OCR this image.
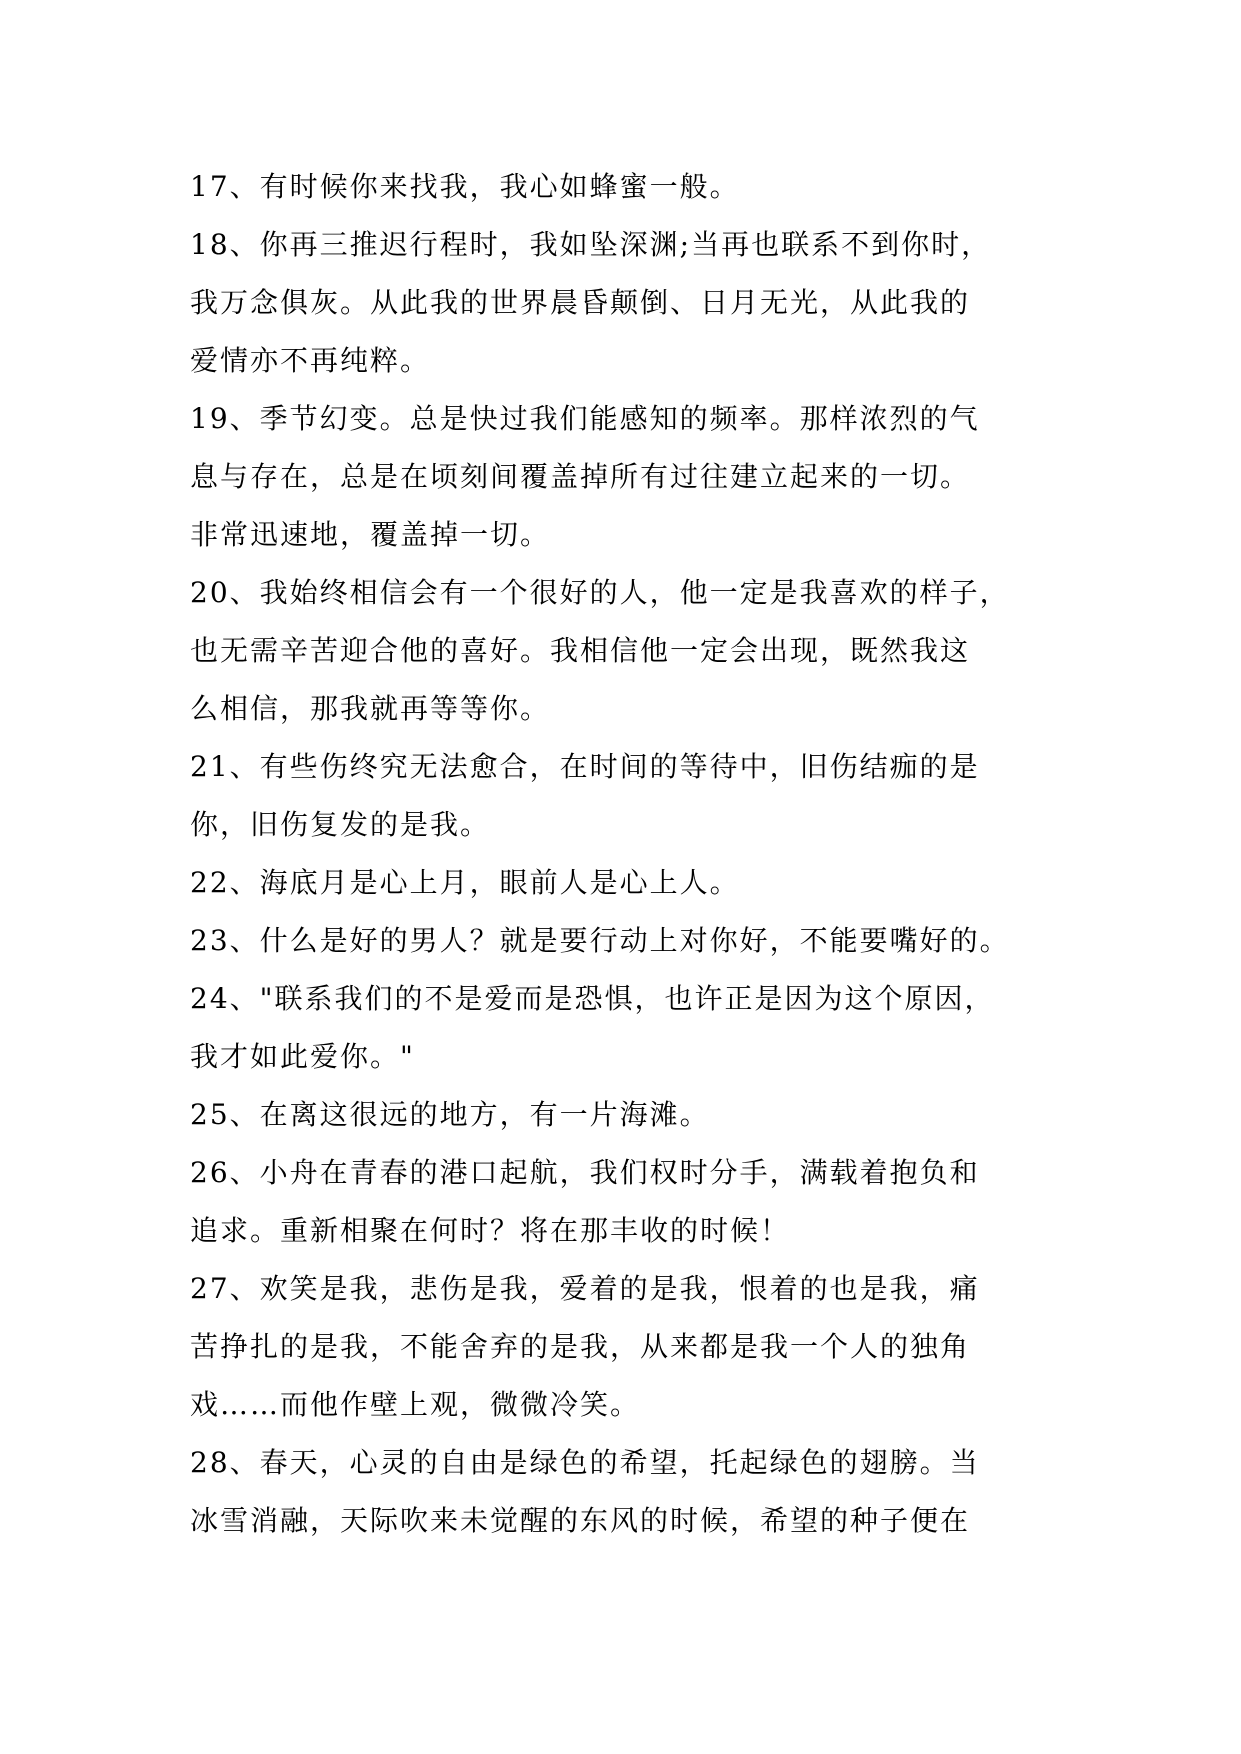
17、有时候你来找我，我心如蜂蜜一般。
18、你再三推迟行程时，我如坠深渊;当再也联系不到你时，
我万念俱灰。从此我的世界晨昏颠倒、日月无光，从此我的
爱情亦不再纯粹。
19、季节幻变。总是快过我们能感知的频率。那样浓烈的气
息与存在，总是在顷刻间覆盖掉所有过往建立起来的一切。
非常迅速地，覆盖掉一切。
20、我始终相信会有一个很好的人，他一定是我喜欢的样子，
也无需辛苦迎合他的喜好。我相信他一定会出现，既然我这
么相信，那我就再等等你。
21、有些伤终究无法愈合，在时间的等待中，旧伤结痂的是
你，旧伤复发的是我。
22、海底月是心上月，眼前人是心上人。
23、什么是好的男人？就是要行动上对你好，不能要嘴好的。
24、"联系我们的不是爱而是恐惧，也许正是因为这个原因，
我才如此爱你。"
25、在离这很远的地方，有一片海滩。
26、小舟在青春的港口起航，我们权时分手，满载着抱负和
追求。重新相聚在何时？将在那丰收的时候！
27、欢笑是我，悲伤是我，爱着的是我，恨着的也是我，痛
苦挣扎的是我，不能舍弃的是我，从来都是我一个人的独角
戏……而他作壁上观，微微冷笑。
28、春天，心灵的自由是绿色的希望，托起绿色的翅膀。当
冰雪消融，天际吹来未觉醒的东风的时候，希望的种子便在
